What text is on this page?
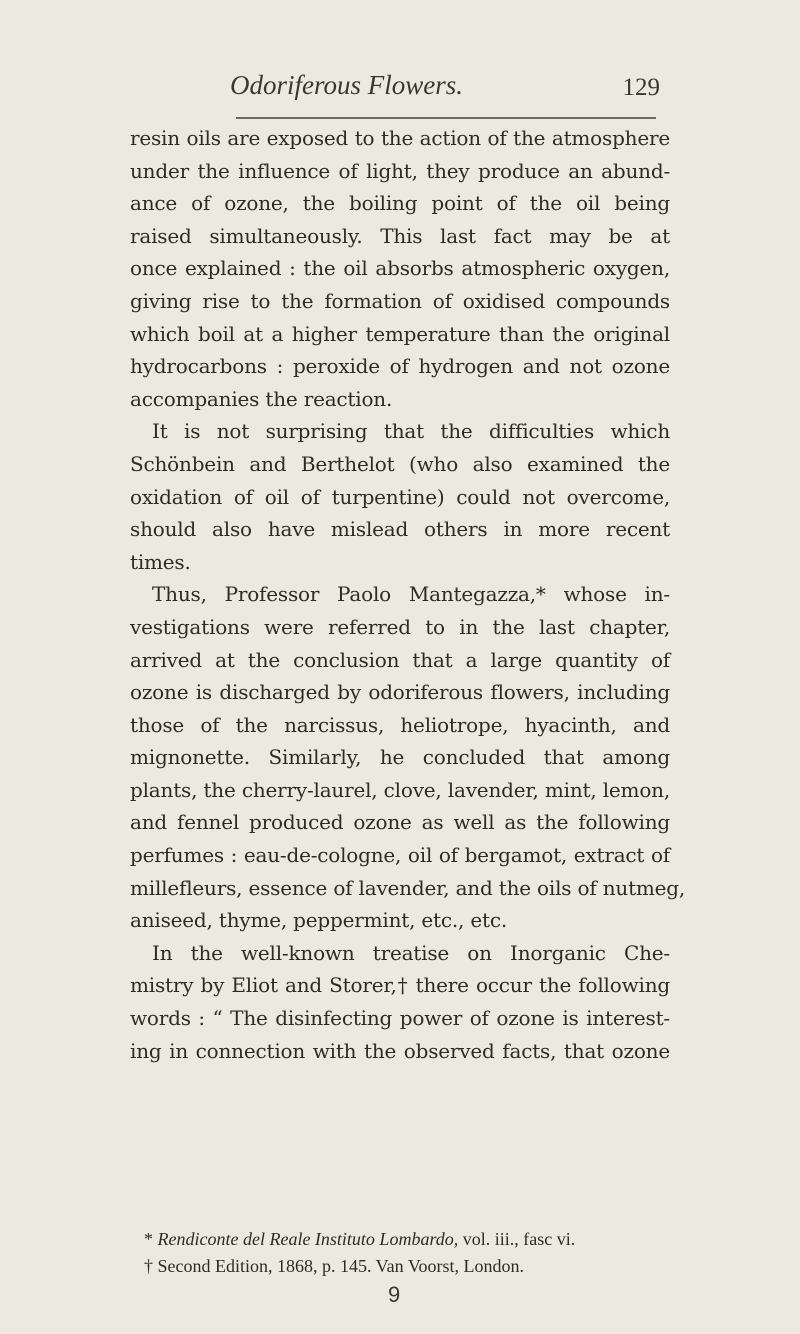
Odoriferous Flowers.	129
resin oils are exposed to the action of the atmosphere
under the influence of light, they produce an abund-
ance of ozone, the boiling point of the oil being
raised simultaneously. This last fact may be at
once explained : the oil absorbs atmospheric oxygen,
giving rise to the formation of oxidised compounds
which boil at a higher temperature than the original
hydrocarbons : peroxide of hydrogen and not ozone
accompanies the reaction.
It is not surprising that the difficulties which
Schönbein and Berthelot (who also examined the
oxidation of oil of turpentine) could not overcome,
should also have mislead others in more recent
times.
Thus, Professor Paolo Mantegazza,* whose in-
vestigations were referred to in the last chapter,
arrived at the conclusion that a large quantity of
ozone is discharged by odoriferous flowers, including
those of the narcissus, heliotrope, hyacinth, and
mignonette. Similarly, he concluded that among
plants, the cherry-laurel, clove, lavender, mint, lemon,
and fennel produced ozone as well as the following
perfumes : eau-de-cologne, oil of bergamot, extract of
millefleurs, essence of lavender, and the oils of nutmeg,
aniseed, thyme, peppermint, etc., etc.
In the well-known treatise on Inorganic Che-
mistry by Eliot and Storer,† there occur the following
words : “ The disinfecting power of ozone is interest-
ing in connection with the observed facts, that ozone
* Rendiconte del Reale Instituto Lombardo, vol. iii., fasc vi.
† Second Edition, 1868, p. 145. Van Voorst, London.
9
